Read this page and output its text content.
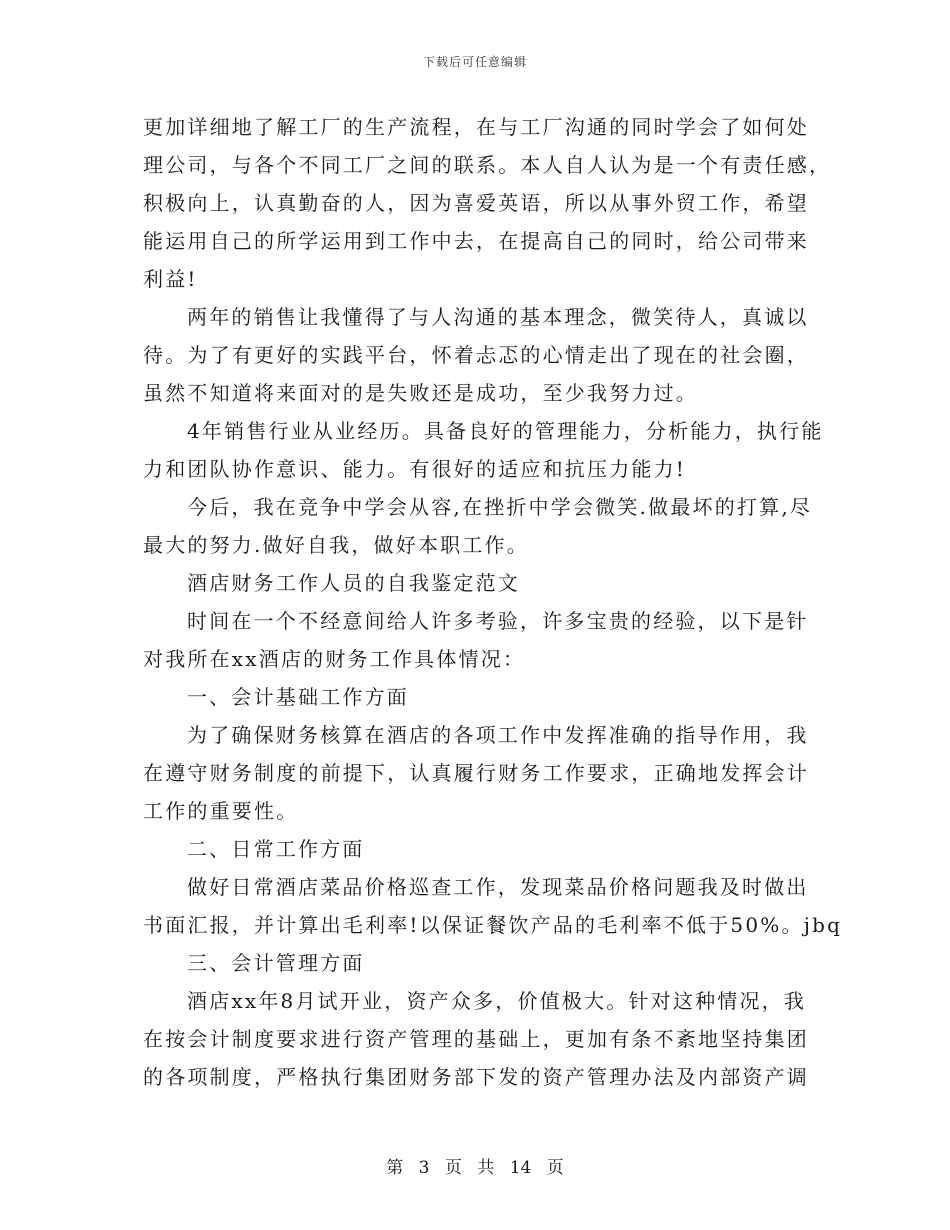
下载后可任意编辑
更加详细地了解工厂的生产流程，在与工厂沟通的同时学会了如何处
理公司，与各个不同工厂之间的联系。本人自人认为是一个有责任感，
积极向上，认真勤奋的人，因为喜爱英语，所以从事外贸工作，希望
能运用自己的所学运用到工作中去，在提高自己的同时，给公司带来
利益!
两年的销售让我懂得了与人沟通的基本理念，微笑待人，真诚以
待。为了有更好的实践平台，怀着忐忑的心情走出了现在的社会圈，
虽然不知道将来面对的是失败还是成功，至少我努力过。
4年销售行业从业经历。具备良好的管理能力，分析能力，执行能
力和团队协作意识、能力。有很好的适应和抗压力能力!
今后，我在竞争中学会从容,在挫折中学会微笑.做最坏的打算,尽
最大的努力.做好自我，做好本职工作。
酒店财务工作人员的自我鉴定范文
时间在一个不经意间给人许多考验，许多宝贵的经验，以下是针
对我所在xx酒店的财务工作具体情况：
一、会计基础工作方面
为了确保财务核算在酒店的各项工作中发挥准确的指导作用，我
在遵守财务制度的前提下，认真履行财务工作要求，正确地发挥会计
工作的重要性。
二、日常工作方面
做好日常酒店菜品价格巡查工作，发现菜品价格问题我及时做出
书面汇报，并计算出毛利率!以保证餐饮产品的毛利率不低于50%。jbq
三、会计管理方面
酒店xx年8月试开业，资产众多，价值极大。针对这种情况，我
在按会计制度要求进行资产管理的基础上，更加有条不紊地坚持集团
的各项制度，严格执行集团财务部下发的资产管理办法及内部资产调
第 3 页 共 14 页
